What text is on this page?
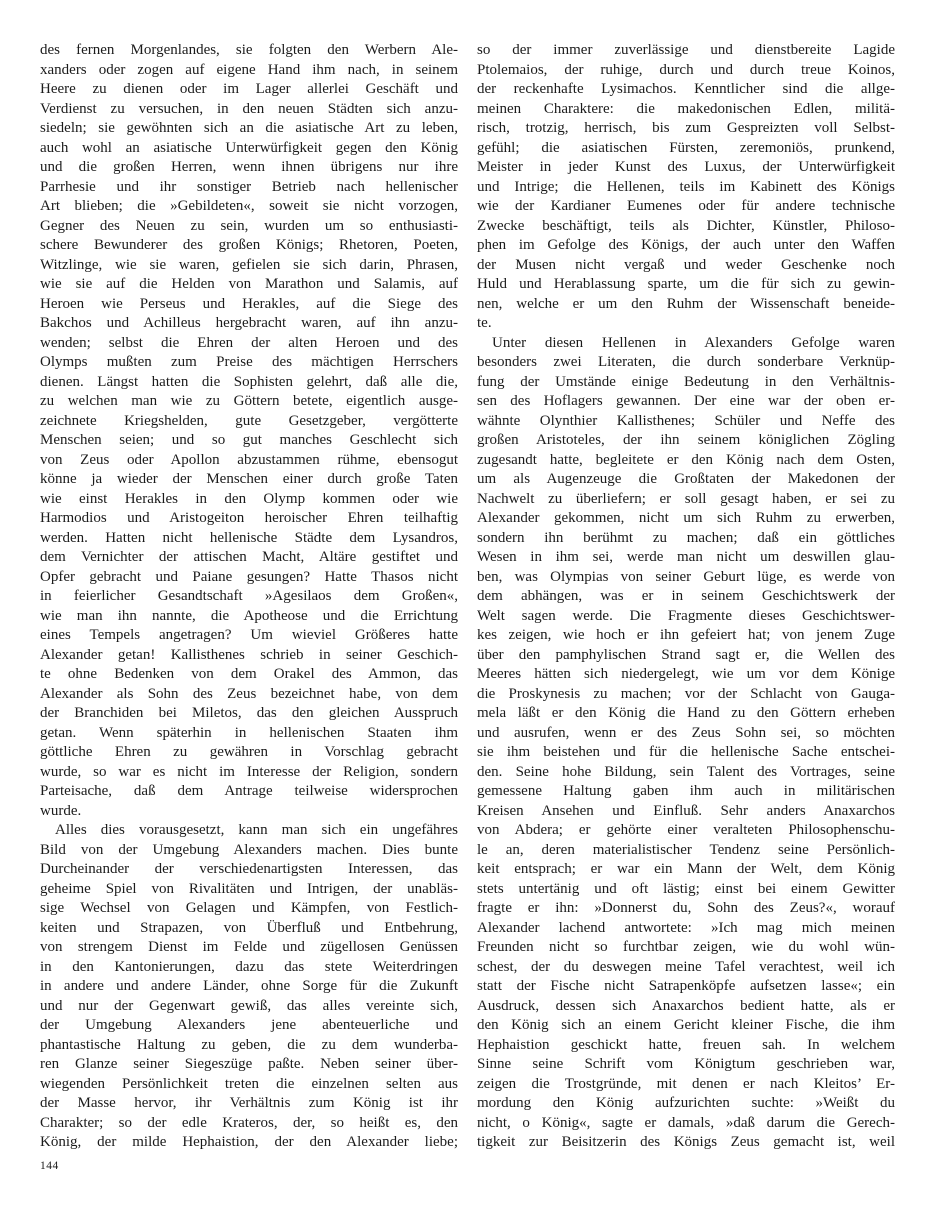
des fernen Morgenlandes, sie folgten den Werbern Ale-
xanders oder zogen auf eigene Hand ihm nach, in seinem
Heere zu dienen oder im Lager allerlei Geschäft und
Verdienst zu versuchen, in den neuen Städten sich anzu-
siedeln; sie gewöhnten sich an die asiatische Art zu leben,
auch wohl an asiatische Unterwürfigkeit gegen den König
und die großen Herren, wenn ihnen übrigens nur ihre
Parrhesie und ihr sonstiger Betrieb nach hellenischer
Art blieben; die »Gebildeten«, soweit sie nicht vorzogen,
Gegner des Neuen zu sein, wurden um so enthusiasti-
schere Bewunderer des großen Königs; Rhetoren, Poeten,
Witzlinge, wie sie waren, gefielen sie sich darin, Phrasen,
wie sie auf die Helden von Marathon und Salamis, auf
Heroen wie Perseus und Herakles, auf die Siege des
Bakchos und Achilleus hergebracht waren, auf ihn anzu-
wenden; selbst die Ehren der alten Heroen und des
Olymps mußten zum Preise des mächtigen Herrschers
dienen. Längst hatten die Sophisten gelehrt, daß alle die,
zu welchen man wie zu Göttern betete, eigentlich ausge-
zeichnete Kriegshelden, gute Gesetzgeber, vergötterte
Menschen seien; und so gut manches Geschlecht sich
von Zeus oder Apollon abzustammen rühme, ebensogut
könne ja wieder der Menschen einer durch große Taten
wie einst Herakles in den Olymp kommen oder wie
Harmodios und Aristogeiton heroischer Ehren teilhaftig
werden. Hatten nicht hellenische Städte dem Lysandros,
dem Vernichter der attischen Macht, Altäre gestiftet und
Opfer gebracht und Paiane gesungen? Hatte Thasos nicht
in feierlicher Gesandtschaft »Agesilaos dem Großen«,
wie man ihn nannte, die Apotheose und die Errichtung
eines Tempels angetragen? Um wieviel Größeres hatte
Alexander getan! Kallisthenes schrieb in seiner Geschich-
te ohne Bedenken von dem Orakel des Ammon, das
Alexander als Sohn des Zeus bezeichnet habe, von dem
der Branchiden bei Miletos, das den gleichen Ausspruch
getan. Wenn späterhin in hellenischen Staaten ihm
göttliche Ehren zu gewähren in Vorschlag gebracht
wurde, so war es nicht im Interesse der Religion, sondern
Parteisache, daß dem Antrage teilweise widersprochen
wurde.
Alles dies vorausgesetzt, kann man sich ein ungefähres
Bild von der Umgebung Alexanders machen. Dies bunte
Durcheinander der verschiedenartigsten Interessen, das
geheime Spiel von Rivalitäten und Intrigen, der unabläs-
sige Wechsel von Gelagen und Kämpfen, von Festlich-
keiten und Strapazen, von Überfluß und Entbehrung,
von strengem Dienst im Felde und zügellosen Genüssen
in den Kantonierungen, dazu das stete Weiterdringen
in andere und andere Länder, ohne Sorge für die Zukunft
und nur der Gegenwart gewiß, das alles vereinte sich,
der Umgebung Alexanders jene abenteuerliche und
phantastische Haltung zu geben, die zu dem wunderba-
ren Glanze seiner Siegeszüge paßte. Neben seiner über-
wiegenden Persönlichkeit treten die einzelnen selten aus
der Masse hervor, ihr Verhältnis zum König ist ihr
Charakter; so der edle Krateros, der, so heißt es, den
König, der milde Hephaistion, der den Alexander liebe;
so der immer zuverlässige und dienstbereite Lagide
Ptolemaios, der ruhige, durch und durch treue Koinos,
der reckenhafte Lysimachos. Kenntlicher sind die allge-
meinen Charaktere: die makedonischen Edlen, militä-
risch, trotzig, herrisch, bis zum Gespreizten voll Selbst-
gefühl; die asiatischen Fürsten, zeremoniös, prunkend,
Meister in jeder Kunst des Luxus, der Unterwürfigkeit
und Intrige; die Hellenen, teils im Kabinett des Königs
wie der Kardianer Eumenes oder für andere technische
Zwecke beschäftigt, teils als Dichter, Künstler, Philoso-
phen im Gefolge des Königs, der auch unter den Waffen
der Musen nicht vergaß und weder Geschenke noch
Huld und Herablassung sparte, um die für sich zu gewin-
nen, welche er um den Ruhm der Wissenschaft beneide-
te.
Unter diesen Hellenen in Alexanders Gefolge waren
besonders zwei Literaten, die durch sonderbare Verknüp-
fung der Umstände einige Bedeutung in den Verhältnis-
sen des Hoflagers gewannen. Der eine war der oben er-
wähnte Olynthier Kallisthenes; Schüler und Neffe des
großen Aristoteles, der ihn seinem königlichen Zögling
zugesandt hatte, begleitete er den König nach dem Osten,
um als Augenzeuge die Großtaten der Makedonen der
Nachwelt zu überliefern; er soll gesagt haben, er sei zu
Alexander gekommen, nicht um sich Ruhm zu erwerben,
sondern ihn berühmt zu machen; daß ein göttliches
Wesen in ihm sei, werde man nicht um deswillen glau-
ben, was Olympias von seiner Geburt lüge, es werde von
dem abhängen, was er in seinem Geschichtswerk der
Welt sagen werde. Die Fragmente dieses Geschichtswer-
kes zeigen, wie hoch er ihn gefeiert hat; von jenem Zuge
über den pamphylischen Strand sagt er, die Wellen des
Meeres hätten sich niedergelegt, wie um vor dem Könige
die Proskynesis zu machen; vor der Schlacht von Gauga-
mela läßt er den König die Hand zu den Göttern erheben
und ausrufen, wenn er des Zeus Sohn sei, so möchten
sie ihm beistehen und für die hellenische Sache entschei-
den. Seine hohe Bildung, sein Talent des Vortrages, seine
gemessene Haltung gaben ihm auch in militärischen
Kreisen Ansehen und Einfluß. Sehr anders Anaxarchos
von Abdera; er gehörte einer veralteten Philosophenschu-
le an, deren materialistischer Tendenz seine Persönlich-
keit entsprach; er war ein Mann der Welt, dem König
stets untertänig und oft lästig; einst bei einem Gewitter
fragte er ihn: »Donnerst du, Sohn des Zeus?«, worauf
Alexander lachend antwortete: »Ich mag mich meinen
Freunden nicht so furchtbar zeigen, wie du wohl wün-
schest, der du deswegen meine Tafel verachtest, weil ich
statt der Fische nicht Satrapenköpfe aufsetzen lasse«; ein
Ausdruck, dessen sich Anaxarchos bedient hatte, als er
den König sich an einem Gericht kleiner Fische, die ihm
Hephaistion geschickt hatte, freuen sah. In welchem
Sinne seine Schrift vom Königtum geschrieben war,
zeigen die Trostgründe, mit denen er nach Kleitos’ Er-
mordung den König aufzurichten suchte: »Weißt du
nicht, o König«, sagte er damals, »daß darum die Gerech-
tigkeit zur Beisitzerin des Königs Zeus gemacht ist, weil
144
